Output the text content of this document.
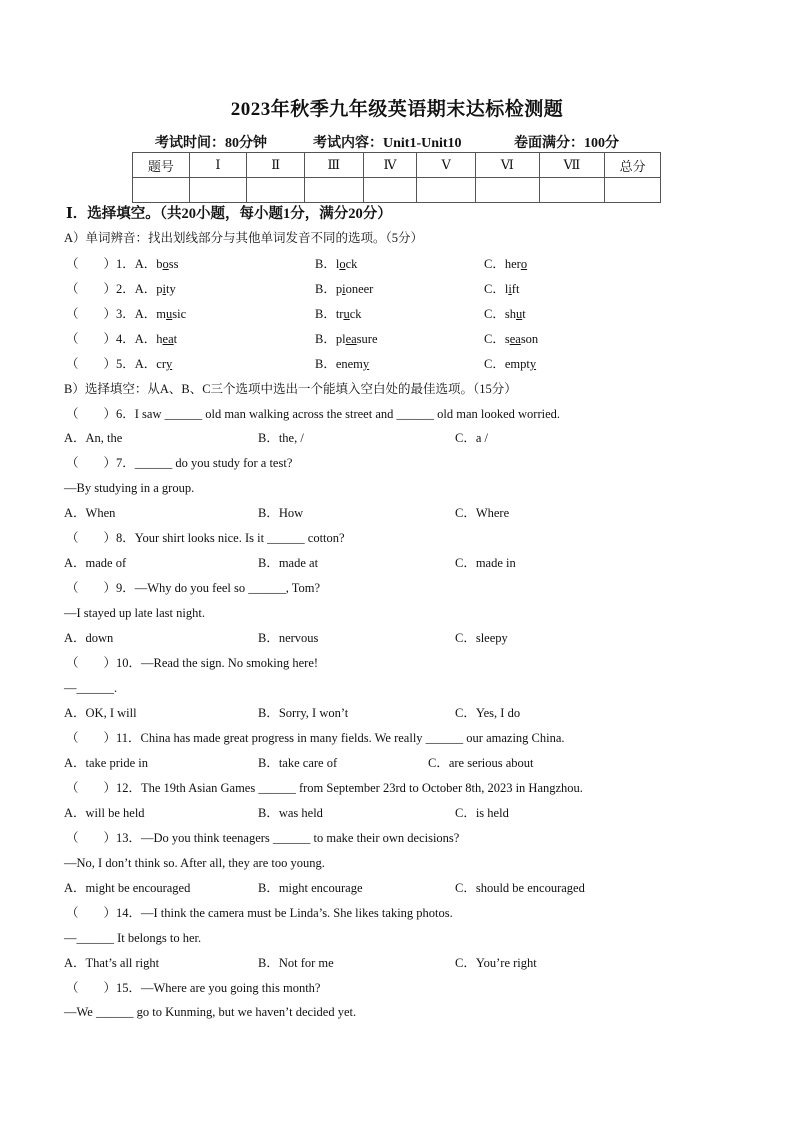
2023年秋季九年级英语期末达标检测题
考试时间：80分钟	考试内容：Unit1-Unit10	卷面满分：100分
题号	Ⅰ	Ⅱ	Ⅲ	Ⅳ	Ⅴ	Ⅵ	Ⅶ	总分

Ⅰ．选择填空。（共20小题，每小题1分，满分20分）
A）单词辨音：找出划线部分与其他单词发音不同的选项。（5分）
（　　）1．A．boss	B．lock	C．hero
（　　）2．A．pity	B．pioneer	C．lift
（　　）3．A．music	B．truck	C．shut
（　　）4．A．heat	B．pleasure	C．season
（　　）5．A．cry	B．enemy	C．empty
B）选择填空：从A、B、C三个选项中选出一个能填入空白处的最佳选项。（15分）
（　　）6．I saw ______ old man walking across the street and ______ old man looked worried.
A．An, the	B．the, /	C．a /
（　　）7．______ do you study for a test?
—By studying in a group.
A．When	B．How	C．Where
（　　）8．Your shirt looks nice. Is it ______ cotton?
A．made of	B．made at	C．made in
（　　）9．—Why do you feel so ______, Tom?
—I stayed up late last night.
A．down	B．nervous	C．sleepy
（　　）10．—Read the sign. No smoking here!
—______.
A．OK, I will	B．Sorry, I won’t	C．Yes, I do
（　　）11．China has made great progress in many fields. We really ______ our amazing China.
A．take pride in	B．take care of	C．are serious about
（　　）12．The 19th Asian Games ______ from September 23rd to October 8th, 2023 in Hangzhou.
A．will be held	B．was held	C．is held
（　　）13．—Do you think teenagers ______ to make their own decisions?
—No, I don’t think so. After all, they are too young.
A．might be encouraged	B．might encourage	C．should be encouraged
（　　）14．—I think the camera must be Linda’s. She likes taking photos.
—______ It belongs to her.
A．That’s all right	B．Not for me	C．You’re right
（　　）15．—Where are you going this month?
—We ______ go to Kunming, but we haven’t decided yet.
